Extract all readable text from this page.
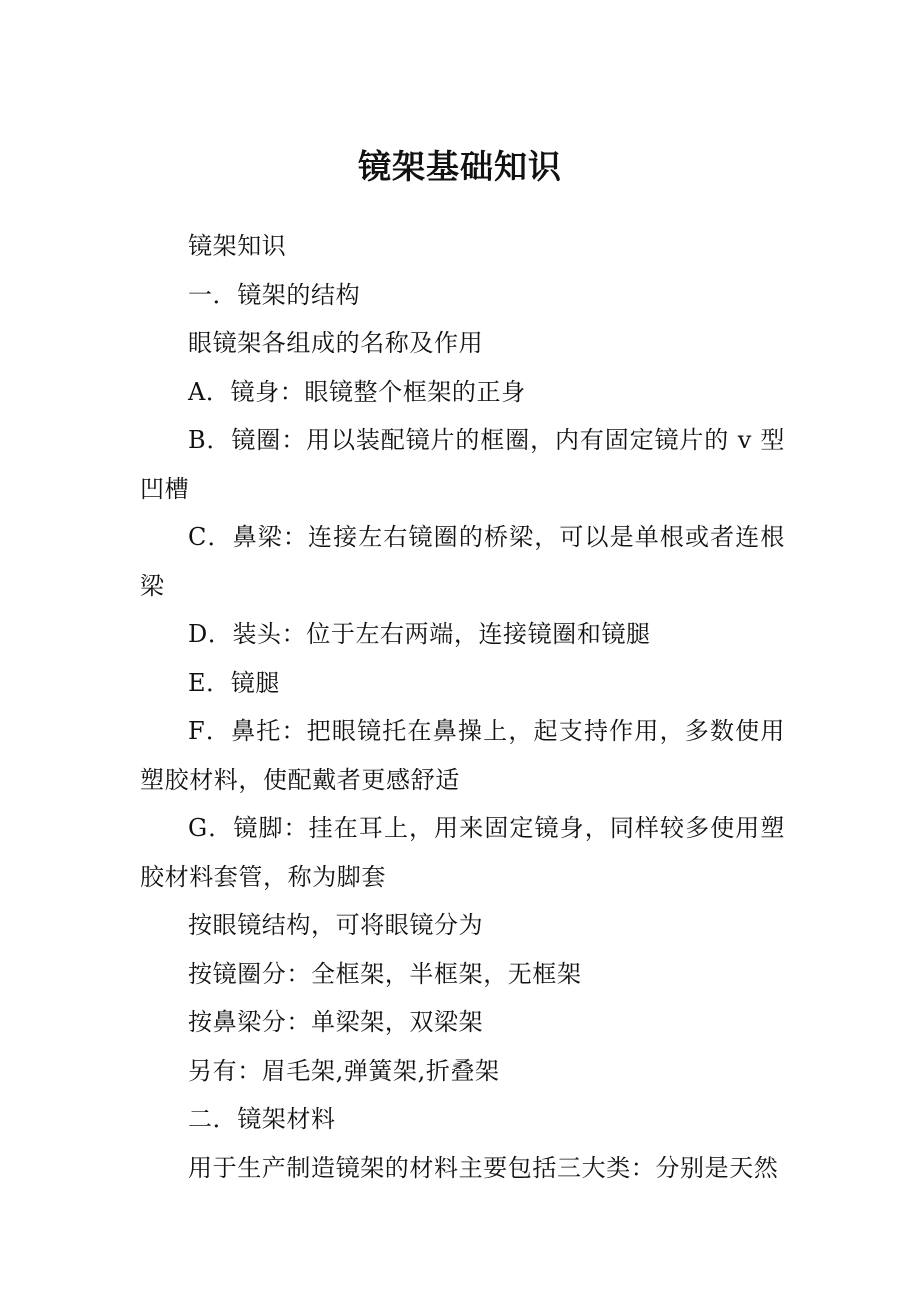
镜架基础知识

镜架知识

一．镜架的结构

眼镜架各组成的名称及作用

A．镜身：眼镜整个框架的正身

B．镜圈：用以装配镜片的框圈，内有固定镜片的 v 型凹槽

C．鼻梁：连接左右镜圈的桥梁，可以是单根或者连根梁

D．装头：位于左右两端，连接镜圈和镜腿

E．镜腿

F．鼻托：把眼镜托在鼻操上，起支持作用，多数使用塑胶材料，使配戴者更感舒适

G．镜脚：挂在耳上，用来固定镜身，同样较多使用塑胶材料套管，称为脚套

按眼镜结构，可将眼镜分为

按镜圈分：全框架，半框架，无框架

按鼻梁分：单梁架，双梁架

另有：眉毛架,弹簧架,折叠架

二．镜架材料

用于生产制造镜架的材料主要包括三大类：分别是天然
